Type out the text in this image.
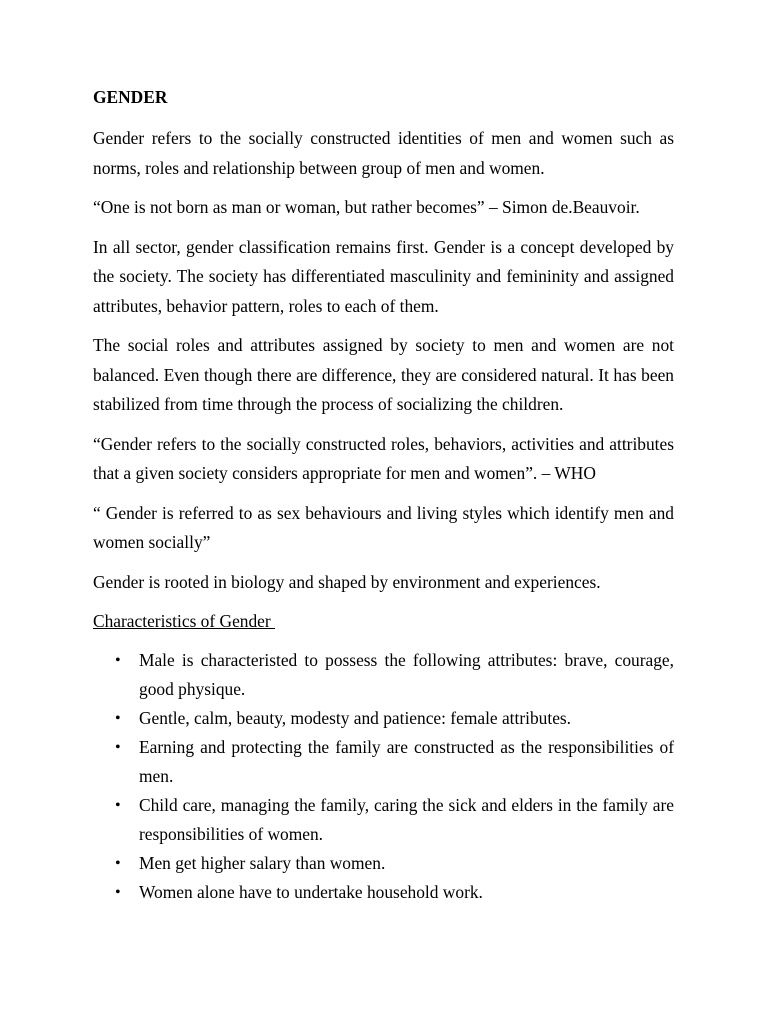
GENDER

Gender refers to the socially constructed identities of men and women such as norms, roles and relationship between group of men and women.

“One is not born as man or woman, but rather becomes” – Simon de.Beauvoir.

In all sector, gender classification remains first. Gender is a concept developed by the society. The society has differentiated masculinity and femininity and assigned attributes, behavior pattern, roles to each of them.

The social roles and attributes assigned by society to men and women are not balanced. Even though there are difference, they are considered natural. It has been stabilized from time through the process of socializing the children.

“Gender refers to the socially constructed roles, behaviors, activities and attributes that a given society considers appropriate for men and women”. – WHO

“ Gender is referred to as sex behaviours and living styles which identify men and women socially”

Gender is rooted in biology and shaped by environment and experiences.

Characteristics of Gender
• Male is characteristed to possess the following attributes: brave, courage, good physique.
• Gentle, calm, beauty, modesty and patience: female attributes.
• Earning and protecting the family are constructed as the responsibilities of men.
• Child care, managing the family, caring the sick and elders in the family are responsibilities of women.
• Men get higher salary than women.
• Women alone have to undertake household work.
